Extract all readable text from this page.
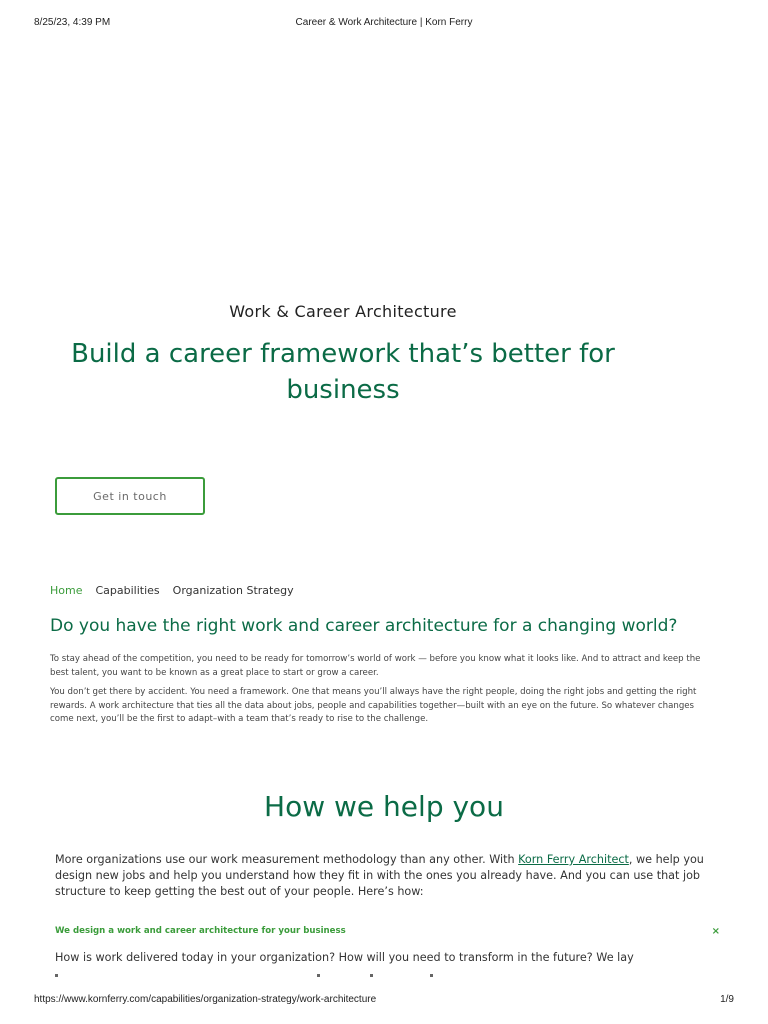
8/25/23, 4:39 PM	Career & Work Architecture | Korn Ferry
Work & Career Architecture
Build a career framework that’s better for business
Get in touch
Home Capabilities Organization Strategy
Do you have the right work and career architecture for a changing world?

To stay ahead of the competition, you need to be ready for tomorrow’s world of work — before you know what it looks like. And to attract and keep the best talent, you want to be known as a great place to start or grow a career.

You don’t get there by accident. You need a framework. One that means you’ll always have the right people, doing the right jobs and getting the right rewards. A work architecture that ties all the data about jobs, people and capabilities together—built with an eye on the future. So whatever changes come next, you’ll be the first to adapt–with a team that’s ready to rise to the challenge.

How we help you

More organizations use our work measurement methodology than any other. With Korn Ferry Architect, we help you design new jobs and help you understand how they fit in with the ones you already have. And you can use that job structure to keep getting the best out of your people. Here’s how:

We design a work and career architecture for your business	×

How is work delivered today in your organization? How will you need to transform in the future? We lay

https://www.kornferry.com/capabilities/organization-strategy/work-architecture	1/9
